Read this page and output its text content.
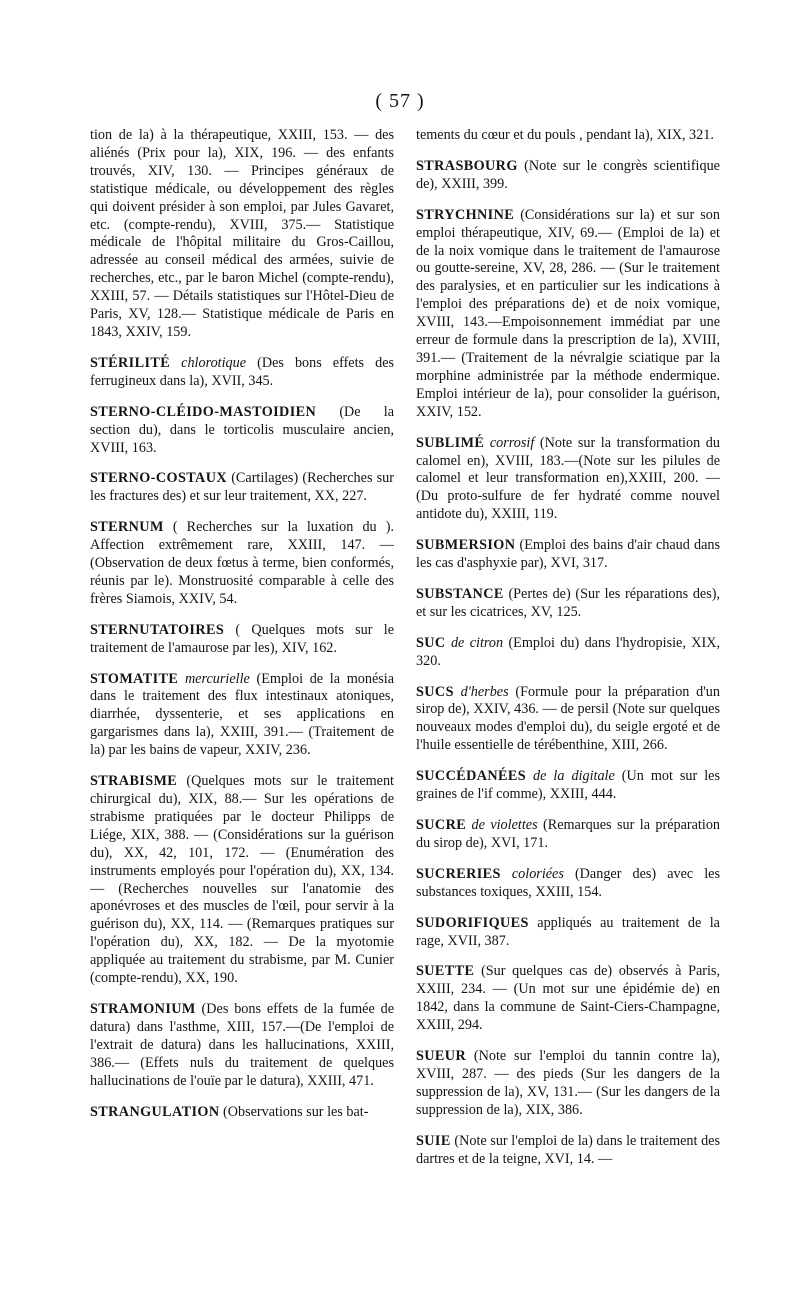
( 57 )

tion de la) à la thérapeutique, XXIII, 153. — des aliénés (Prix pour la), XIX, 196. — des enfants trouvés, XIV, 130. — Principes généraux de statistique médicale, ou développement des règles qui doivent présider à son emploi, par Jules Gavaret, etc. (compte-rendu), XVIII, 375.— Statistique médicale de l'hôpital militaire du Gros-Caillou, adressée au conseil médical des armées, suivie de recherches, etc., par le baron Michel (compte-rendu), XXIII, 57. — Détails statistiques sur l'Hôtel-Dieu de Paris, XV, 128.— Statistique médicale de Paris en 1843, XXIV, 159.

STÉRILITÉ chlorotique (Des bons effets des ferrugineux dans la), XVII, 345.

STERNO-CLÉIDO-MASTOIDIEN (De la section du), dans le torticolis musculaire ancien, XVIII, 163.

STERNO-COSTAUX (Cartilages) (Recherches sur les fractures des) et sur leur traitement, XX, 227.

STERNUM ( Recherches sur la luxation du ). Affection extrêmement rare, XXIII, 147. — (Observation de deux fœtus à terme, bien conformés, réunis par le). Monstruosité comparable à celle des frères Siamois, XXIV, 54.

STERNUTATOIRES ( Quelques mots sur le traitement de l'amaurose par les), XIV, 162.

STOMATITE mercurielle (Emploi de la monésia dans le traitement des flux intestinaux atoniques, diarrhée, dyssenterie, et ses applications en gargarismes dans la), XXIII, 391.— (Traitement de la) par les bains de vapeur, XXIV, 236.

STRABISME (Quelques mots sur le traitement chirurgical du), XIX, 88.— Sur les opérations de strabisme pratiquées par le docteur Philipps de Liége, XIX, 388. — (Considérations sur la guérison du), XX, 42, 101, 172. — (Enumération des instruments employés pour l'opération du), XX, 134.— (Recherches nouvelles sur l'anatomie des aponévroses et des muscles de l'œil, pour servir à la guérison du), XX, 114. — (Remarques pratiques sur l'opération du), XX, 182. — De la myotomie appliquée au traitement du strabisme, par M. Cunier (compte-rendu), XX, 190.

STRAMONIUM (Des bons effets de la fumée de datura) dans l'asthme, XIII, 157.—(De l'emploi de l'extrait de datura) dans les hallucinations, XXIII, 386.— (Effets nuls du traitement de quelques hallucinations de l'ouïe par le datura), XXIII, 471.

STRANGULATION (Observations sur les bat-

tements du cœur et du pouls , pendant la), XIX, 321.

STRASBOURG (Note sur le congrès scientifique de), XXIII, 399.

STRYCHNINE (Considérations sur la) et sur son emploi thérapeutique, XIV, 69.— (Emploi de la) et de la noix vomique dans le traitement de l'amaurose ou goutte-sereine, XV, 28, 286. — (Sur le traitement des paralysies, et en particulier sur les indications à l'emploi des préparations de) et de noix vomique, XVIII, 143.—Empoisonnement immédiat par une erreur de formule dans la prescription de la), XVIII, 391.— (Traitement de la névralgie sciatique par la morphine administrée par la méthode endermique. Emploi intérieur de la), pour consolider la guérison, XXIV, 152.

SUBLIMÉ corrosif (Note sur la transformation du calomel en), XVIII, 183.—(Note sur les pilules de calomel et leur transformation en),XXIII, 200. — (Du proto-sulfure de fer hydraté comme nouvel antidote du), XXIII, 119.

SUBMERSION (Emploi des bains d'air chaud dans les cas d'asphyxie par), XVI, 317.

SUBSTANCE (Pertes de) (Sur les réparations des), et sur les cicatrices, XV, 125.

SUC de citron (Emploi du) dans l'hydropisie, XIX, 320.

SUCS d'herbes (Formule pour la préparation d'un sirop de), XXIV, 436. — de persil (Note sur quelques nouveaux modes d'emploi du), du seigle ergoté et de l'huile essentielle de térébenthine, XIII, 266.

SUCCÉDANÉES de la digitale (Un mot sur les graines de l'if comme), XXIII, 444.

SUCRE de violettes (Remarques sur la préparation du sirop de), XVI, 171.

SUCRERIES coloriées (Danger des) avec les substances toxiques, XXIII, 154.

SUDORIFIQUES appliqués au traitement de la rage, XVII, 387.

SUETTE (Sur quelques cas de) observés à Paris, XXIII, 234. — (Un mot sur une épidémie de) en 1842, dans la commune de Saint-Ciers-Champagne, XXIII, 294.

SUEUR (Note sur l'emploi du tannin contre la), XVIII, 287. — des pieds (Sur les dangers de la suppression de la), XV, 131.— (Sur les dangers de la suppression de la), XIX, 386.

SUIE (Note sur l'emploi de la) dans le traitement des dartres et de la teigne, XVI, 14. —
